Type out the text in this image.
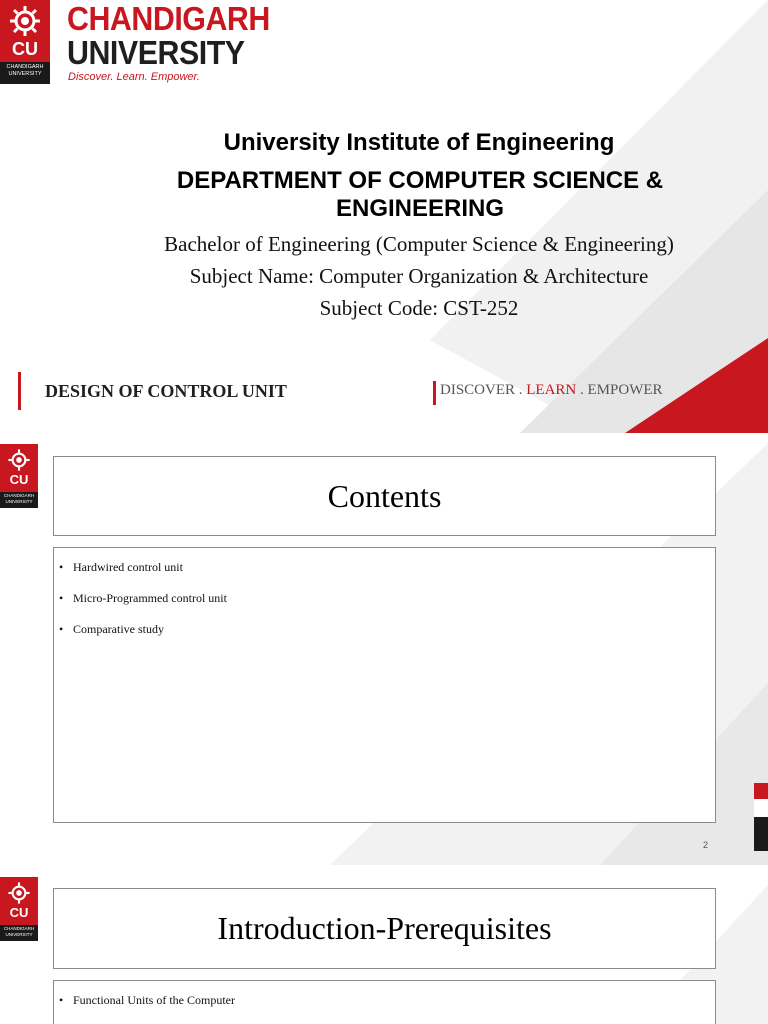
CU
CHANDIGARH UNIVERSITY
CHANDIGARH
UNIVERSITY
Discover. Learn. Empower.
University Institute of Engineering
DEPARTMENT OF COMPUTER SCIENCE & ENGINEERING
Bachelor of Engineering (Computer Science & Engineering)
Subject Name: Computer Organization & Architecture
Subject Code: CST-252
DESIGN OF CONTROL UNIT	DISCOVER . LEARN . EMPOWER
CU
CHANDIGARH UNIVERSITY	Contents
• Hardwired control unit
• Micro-Programmed control unit
• Comparative study
2
CU
CHANDIGARH UNIVERSITY	Introduction-Prerequisites
• Functional Units of the Computer
